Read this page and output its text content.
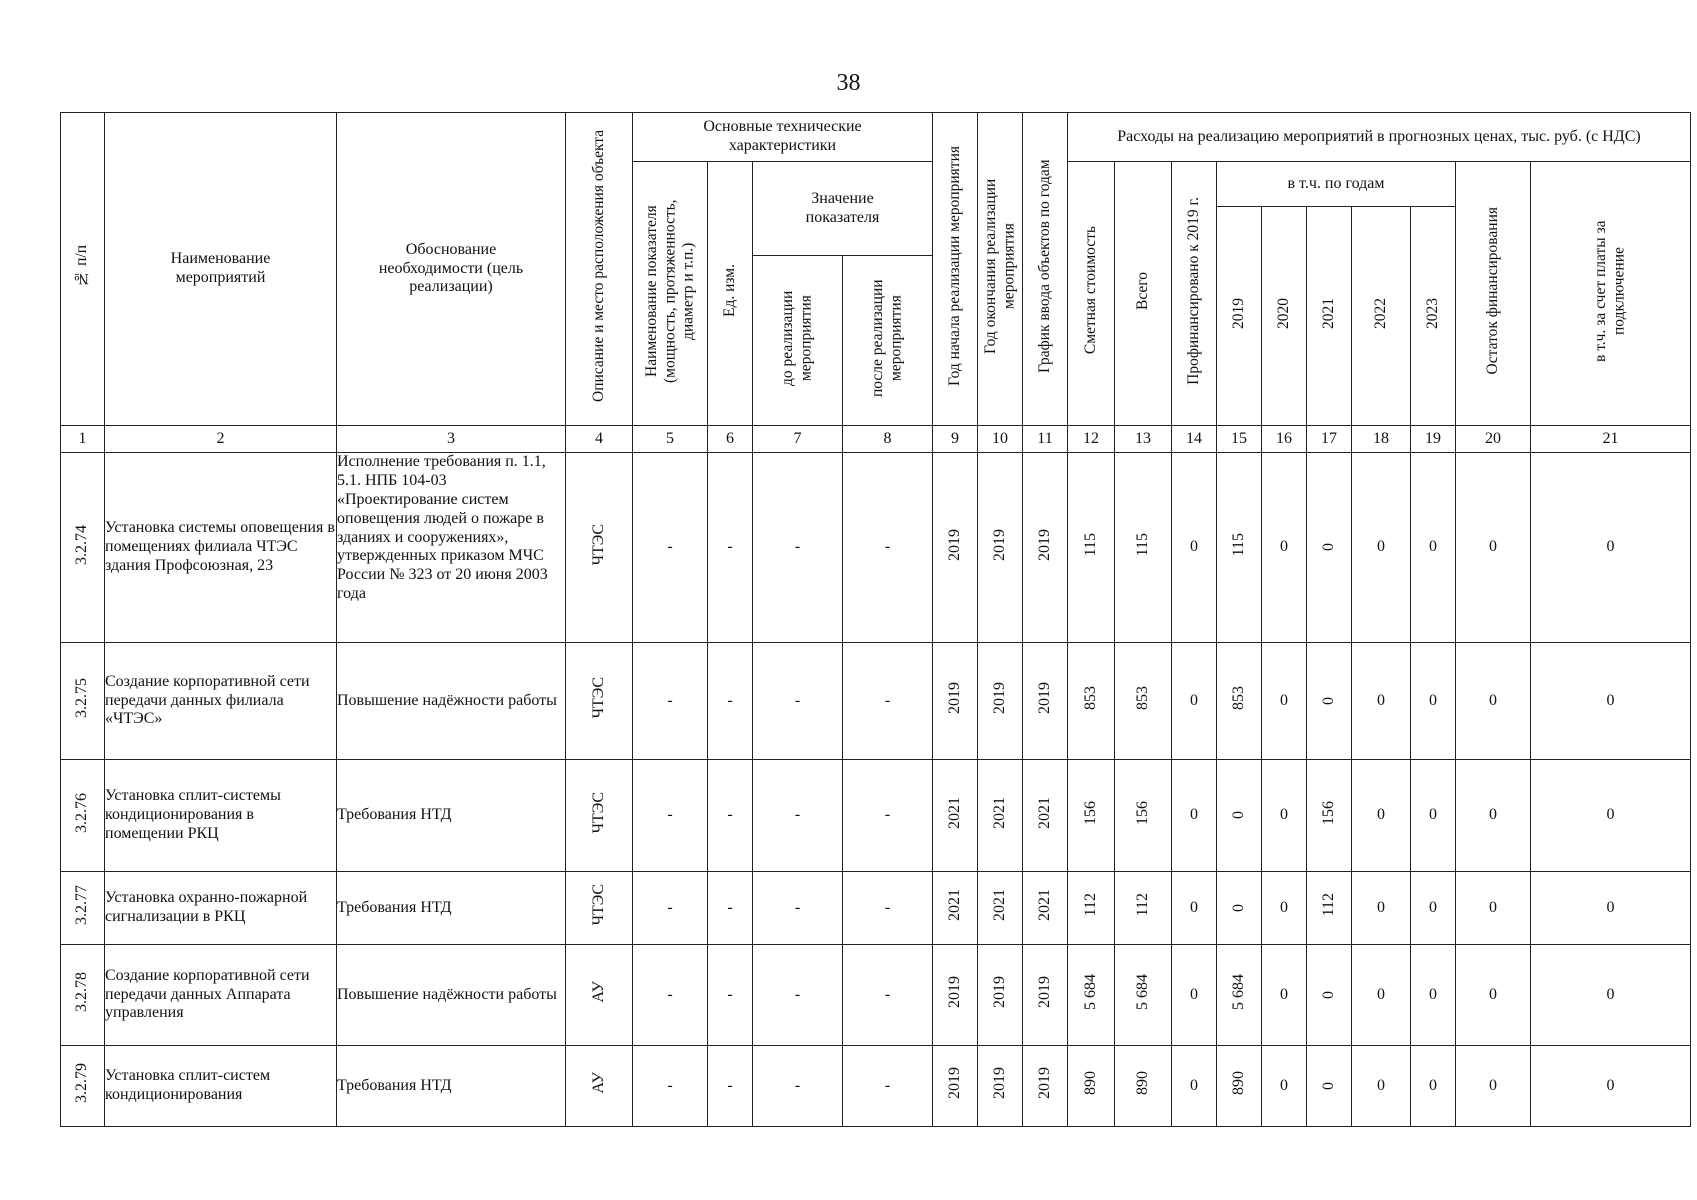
38
№ п/п	Наименование мероприятий	Обоснование необходимости (цель реализации)	Описание и место расположения объекта	Основные технические характеристики				Год начала реализации мероприятия	Год окончания реализации мероприятия	График ввода объектов по годам	Расходы на реализацию мероприятий в прогнозных ценах, тыс. руб. (с НДС)									
				Наименование показателя (мощность, протяженность, диаметр и т.п.)	Ед. изм.	Значение показателя					Сметная стоимость	Всего	Профинансировано к 2019 г.	в т.ч. по годам					Остаток финансирования	в т.ч. за счет платы за подключение
														2019	2020	2021	2022	2023		
						до реализации мероприятия	после реализации мероприятия													
1	2	3	4	5	6	7	8	9	10	11	12	13	14	15	16	17	18	19	20	21
3.2.74	Установка системы оповещения в помещениях филиала ЧТЭС здания Профсоюзная, 23	Исполнение требования п. 1.1, 5.1. НПБ 104-03 «Проектирование систем оповещения людей о пожаре в зданиях и сооружениях», утвержденных приказом МЧС России № 323 от 20 июня 2003 года	ЧТЭС	-	-	-	-	2019	2019	2019	115	115	0	115	0	0	0	0	0	0
3.2.75	Создание корпоративной сети передачи данных филиала «ЧТЭС»	Повышение надёжности работы	ЧТЭС	-	-	-	-	2019	2019	2019	853	853	0	853	0	0	0	0	0	0
3.2.76	Установка сплит-системы кондиционирования в помещении РКЦ	Требования НТД	ЧТЭС	-	-	-	-	2021	2021	2021	156	156	0	0	0	156	0	0	0	0
3.2.77	Установка охранно-пожарной сигнализации в РКЦ	Требования НТД	ЧТЭС	-	-	-	-	2021	2021	2021	112	112	0	0	0	112	0	0	0	0
3.2.78	Создание корпоративной сети передачи данных Аппарата управления	Повышение надёжности работы	АУ	-	-	-	-	2019	2019	2019	5 684	5 684	0	5 684	0	0	0	0	0	0
3.2.79	Установка сплит-систем кондиционирования	Требования НТД	АУ	-	-	-	-	2019	2019	2019	890	890	0	890	0	0	0	0	0	0
